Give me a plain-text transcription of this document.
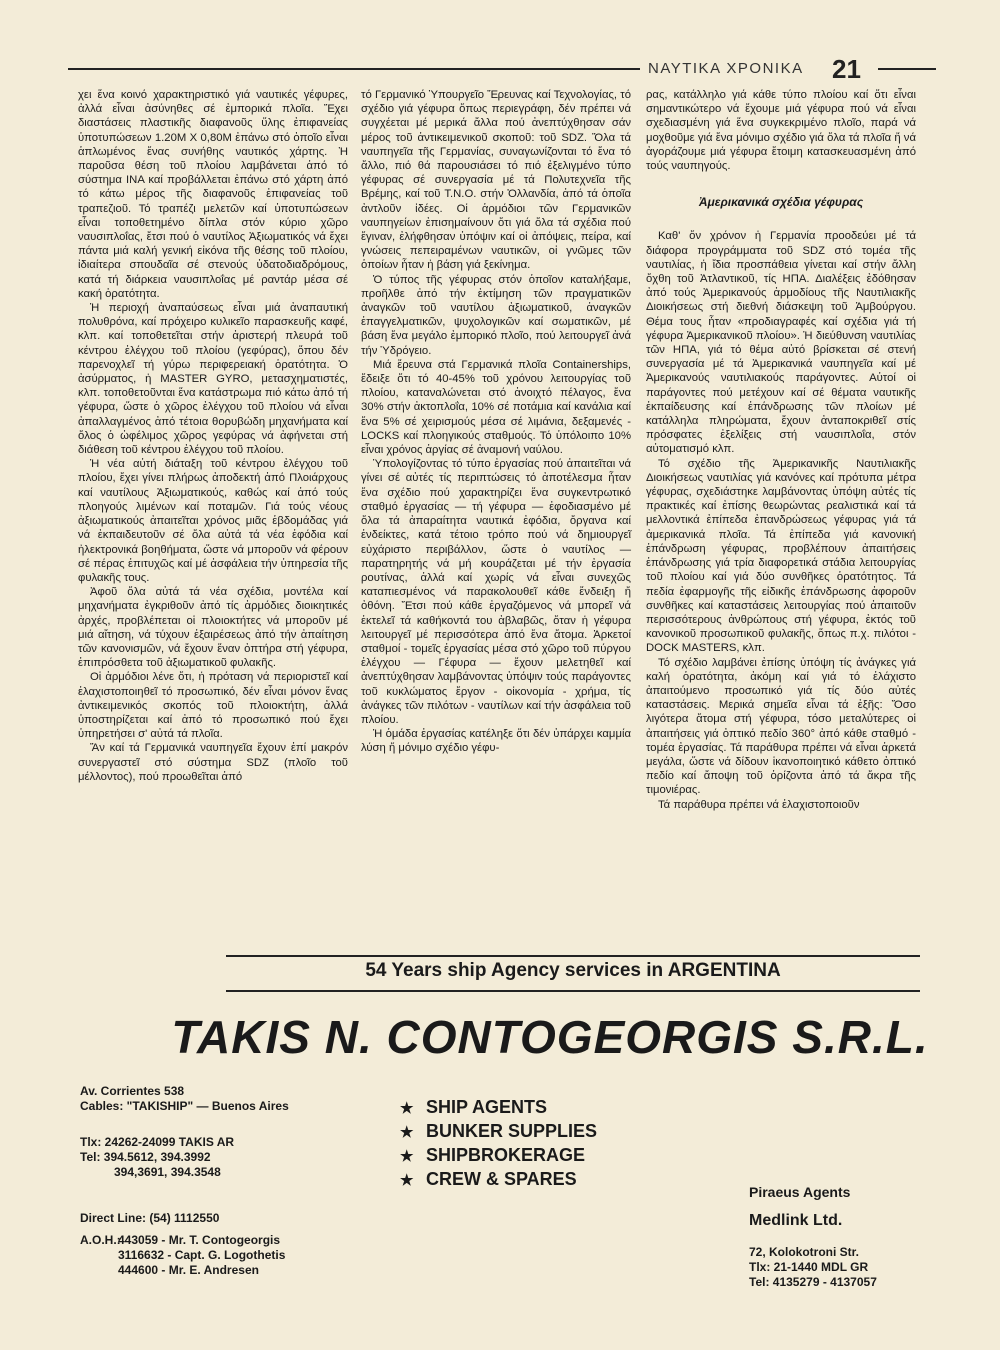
ΝΑΥΤΙΚΑ ΧΡΟΝΙΚΑ 21

χει ἕνα κοινό χαρακτηριστικό γιά ναυτικές γέφυρες, ἀλλά εἶναι ἀσύνηθες σέ ἐμπορικά πλοῖα. Ἔχει διαστάσεις πλαστικῆς διαφανοῦς ὕλης ἐπιφανείας ὑποτυπώσεων 1.20M X 0,80M ἐπάνω στό ὁποῖο εἶναι ἁπλωμένος ἕνας συνήθης ναυτικός χάρτης. Ἡ παροῦσα θέση τοῦ πλοίου λαμβάνεται ἀπό τό σύστημα INA καί προβάλλεται ἐπάνω στό χάρτη ἀπό τό κάτω μέρος τῆς διαφανοῦς ἐπιφανείας τοῦ τραπεζιοῦ. Τό τραπέζι μελετῶν καί ὑποτυπώσεων εἶναι τοποθετημένο δίπλα στόν κύριο χῶρο ναυσιπλοΐας, ἔτσι πού ὁ ναυτίλος Ἀξιωματικός νά ἔχει πάντα μιά καλή γενική εἰκόνα τῆς θέσης τοῦ πλοίου, ἰδιαίτερα σπουδαῖα σέ στενούς ὑδατοδιαδρόμους, κατά τή διάρκεια ναυσιπλοΐας μέ ραντάρ μέσα σέ κακή ὁρατότητα.

Ἡ περιοχή ἀναπαύσεως εἶναι μιά ἀναπαυτική πολυθρόνα, καί πρόχειρο κυλικεῖο παρασκευῆς καφέ, κλπ. καί τοποθετεῖται στήν ἀριστερή πλευρά τοῦ κέντρου ἐλέγχου τοῦ πλοίου (γεφύρας), ὅπου δέν παρενοχλεῖ τή γύρω περιφερειακή ὁρατότητα. Ὁ ἀσύρματος, ἡ MASTER GYRO, μετασχηματιστές, κλπ. τοποθετοῦνται ἕνα κατάστρωμα πιό κάτω ἀπό τή γέφυρα, ὥστε ὁ χῶρος ἐλέγχου τοῦ πλοίου νά εἶναι ἀπαλλαγμένος ἀπό τέτοια θορυβώδη μηχανήματα καί ὅλος ὁ ὠφέλιμος χῶρος γεφύρας νά ἀφήνεται στή διάθεση τοῦ κέντρου ἐλέγχου τοῦ πλοίου.

Ἡ νέα αὐτή διάταξη τοῦ κέντρου ἐλέγχου τοῦ πλοίου, ἔχει γίνει πλήρως ἀποδεκτή ἀπό Πλοιάρχους καί ναυτίλους Ἀξιωματικούς, καθώς καί ἀπό τούς πλοηγούς λιμένων καί ποταμῶν. Γιά τούς νέους ἀξιωματικούς ἀπαιτεῖται χρόνος μιᾶς ἑβδομάδας γιά νά ἐκπαιδευτοῦν σέ ὅλα αὐτά τά νέα ἐφόδια καί ἠλεκτρονικά βοηθήματα, ὥστε νά μποροῦν νά φέρουν σέ πέρας ἐπιτυχῶς καί μέ ἀσφάλεια τήν ὑπηρεσία τῆς φυλακῆς τους.

Ἀφοῦ ὅλα αὐτά τά νέα σχέδια, μοντέλα καί μηχανήματα ἐγκριθοῦν ἀπό τίς ἁρμόδιες διοικητικές ἀρχές, προβλέπεται οἱ πλοιοκτήτες νά μποροῦν μέ μιά αἴτηση, νά τύχουν ἐξαιρέσεως ἀπό τήν ἀπαίτηση τῶν κανονισμῶν, νά ἔχουν ἕναν ὀπτήρα στή γέφυρα, ἐπιπρόσθετα τοῦ ἀξιωματικοῦ φυλακῆς.

Οἱ ἁρμόδιοι λένε ὅτι, ἡ πρόταση νά περιοριστεῖ καί ἐλαχιστοποιηθεῖ τό προσωπικό, δέν εἶναι μόνον ἕνας ἀντικειμενικός σκοπός τοῦ πλοιοκτήτη, ἀλλά ὑποστηρίζεται καί ἀπό τό προσωπικό πού ἔχει ὑπηρετήσει σ' αὐτά τά πλοῖα.

Ἄν καί τά Γερμανικά ναυπηγεῖα ἔχουν ἐπί μακρόν συνεργαστεῖ στό σύστημα SDZ (πλοῖο τοῦ μέλλοντος), πού προωθεῖται ἀπό

τό Γερμανικό Ὑπουργεῖο Ἔρευνας καί Τεχνολογίας, τό σχέδιο γιά γέφυρα ὅπως περιεγράφη, δέν πρέπει νά συγχέεται μέ μερικά ἄλλα πού ἀνεπτύχθησαν σάν μέρος τοῦ ἀντικειμενικοῦ σκοποῦ: τοῦ SDZ. Ὅλα τά ναυπηγεῖα τῆς Γερμανίας, συναγωνίζονται τό ἕνα τό ἄλλο, πιό θά παρουσιάσει τό πιό ἐξελιγμένο τύπο γέφυρας σέ συνεργασία μέ τά Πολυτεχνεῖα τῆς Βρέμης, καί τοῦ T.N.O. στήν Ὁλλανδία, ἀπό τά ὁποῖα ἀντλοῦν ἰδέες. Οἱ ἁρμόδιοι τῶν Γερμανικῶν ναυπηγείων ἐπισημαίνουν ὅτι γιά ὅλα τά σχέδια πού ἔγιναν, ἐλήφθησαν ὑπόψιν καί οἱ ἀπόψεις, πείρα, καί γνώσεις πεπειραμένων ναυτικῶν, οἱ γνῶμες τῶν ὁποίων ἦταν ἡ βάση γιά ξεκίνημα.

Ὁ τύπος τῆς γέφυρας στόν ὁποῖον καταλήξαμε, προῆλθε ἀπό τήν ἐκτίμηση τῶν πραγματικῶν ἀναγκῶν τοῦ ναυτίλου ἀξιωματικοῦ, ἀναγκῶν ἐπαγγελματικῶν, ψυχολογικῶν καί σωματικῶν, μέ βάση ἕνα μεγάλο ἐμπορικό πλοῖο, πού λειτουργεῖ ἀνά τήν Ὑδρόγειο.

Μιά ἔρευνα στά Γερμανικά πλοῖα Containerships, ἔδειξε ὅτι τό 40-45% τοῦ χρόνου λειτουργίας τοῦ πλοίου, καταναλώνεται στό ἀνοιχτό πέλαγος, ἕνα 30% στήν ἀκτοπλοΐα, 10% σέ ποτάμια καί κανάλια καί ἕνα 5% σέ χειρισμούς μέσα σέ λιμάνια, δεξαμενές - LOCKS καί πλοηγικούς σταθμούς. Τό ὑπόλοιπο 10% εἶναι χρόνος ἀργίας σέ ἀναμονή ναύλου.

Ὑπολογίζοντας τό τύπο ἐργασίας πού ἀπαιτεῖται νά γίνει σέ αὐτές τίς περιπτώσεις τό ἀποτέλεσμα ἦταν ἕνα σχέδιο πού χαρακτηρίζει ἕνα συγκεντρωτικό σταθμό ἐργασίας — τή γέφυρα — ἐφοδιασμένο μέ ὅλα τά ἀπαραίτητα ναυτικά ἐφόδια, ὄργανα καί ἐνδείκτες, κατά τέτοιο τρόπο πού νά δημιουργεῖ εὐχάριστο περιβάλλον, ὥστε ὁ ναυτίλος — παρατηρητής νά μή κουράζεται μέ τήν ἐργασία ρουτίνας, ἀλλά καί χωρίς νά εἶναι συνεχῶς καταπιεσμένος νά παρακολουθεῖ κάθε ἔνδειξη ἤ ὀθόνη. Ἔτσι πού κάθε ἐργαζόμενος νά μπορεῖ νά ἐκτελεῖ τά καθήκοντά του ἀβλαβῶς, ὅταν ἡ γέφυρα λειτουργεῖ μέ περισσότερα ἀπό ἕνα ἄτομα. Ἀρκετοί σταθμοί - τομεῖς ἐργασίας μέσα στό χῶρο τοῦ πύργου ἐλέγχου — Γέφυρα — ἔχουν μελετηθεῖ καί ἀνεπτύχθησαν λαμβάνοντας ὑπόψιν τούς παράγοντες τοῦ κυκλώματος ἔργον - οἰκονομία - χρήμα, τίς ἀνάγκες τῶν πιλότων - ναυτίλων καί τήν ἀσφάλεια τοῦ πλοίου.

Ἡ ὁμάδα ἐργασίας κατέληξε ὅτι δέν ὑπάρχει καμμία λύση ἤ μόνιμο σχέδιο γέφυ-

ρας, κατάλληλο γιά κάθε τύπο πλοίου καί ὅτι εἶναι σημαντικώτερο νά ἔχουμε μιά γέφυρα πού νά εἶναι σχεδιασμένη γιά ἕνα συγκεκριμένο πλοῖο, παρά νά μοχθοῦμε γιά ἕνα μόνιμο σχέδιο γιά ὅλα τά πλοῖα ἤ νά ἀγοράζουμε μιά γέφυρα ἕτοιμη κατασκευασμένη ἀπό τούς ναυπηγούς.

Ἀμερικανικά σχέδια γέφυρας

Καθ' ὅν χρόνον ἡ Γερμανία προοδεύει μέ τά διάφορα προγράμματα τοῦ SDZ στό τομέα τῆς ναυτιλίας, ἡ ἴδια προσπάθεια γίνεται καί στήν ἄλλη ὄχθη τοῦ Ἀτλαντικοῦ, τίς ΗΠΑ. Διαλέξεις ἐδόθησαν ἀπό τούς Ἀμερικανούς ἁρμοδίους τῆς Ναυτιλιακῆς Διοικήσεως στή διεθνή διάσκεψη τοῦ Ἀμβούργου. Θέμα τους ἦταν «προδιαγραφές καί σχέδια γιά τή γέφυρα Ἀμερικανικοῦ πλοίου». Ἡ διεύθυνση ναυτιλίας τῶν ΗΠΑ, γιά τό θέμα αὐτό βρίσκεται σέ στενή συνεργασία μέ τά Ἀμερικανικά ναυπηγεῖα καί μέ Ἀμερικανούς ναυτιλιακούς παράγοντες. Αὐτοί οἱ παράγοντες πού μετέχουν καί σέ θέματα ναυτικῆς ἐκπαίδευσης καί ἐπάνδρωσης τῶν πλοίων μέ κατάλληλα πληρώματα, ἔχουν ἀνταποκριθεῖ στίς πρόσφατες ἐξελίξεις στή ναυσιπλοΐα, στόν αὐτοματισμό κλπ.

Τό σχέδιο τῆς Ἀμερικανικῆς Ναυτιλιακῆς Διοικήσεως ναυτιλίας γιά κανόνες καί πρότυπα μέτρα γέφυρας, σχεδιάστηκε λαμβάνοντας ὑπόψη αὐτές τίς πρακτικές καί ἐπίσης θεωρώντας ρεαλιστικά καί τά μελλοντικά ἐπίπεδα ἐπανδρώσεως γέφυρας γιά τά ἀμερικανικά πλοῖα. Τά ἐπίπεδα γιά κανονική ἐπάνδρωση γέφυρας, προβλέπουν ἀπαιτήσεις ἐπάνδρωσης γιά τρία διαφορετικά στάδια λειτουργίας τοῦ πλοίου καί γιά δύο συνθῆκες ὁρατότητος. Τά πεδία ἐφαρμογῆς τῆς εἰδικῆς ἐπάνδρωσης ἀφοροῦν συνθῆκες καί καταστάσεις λειτουργίας πού ἀπαιτοῦν περισσότερους ἀνθρώπους στή γέφυρα, ἐκτός τοῦ κανονικοῦ προσωπικοῦ φυλακῆς, ὅπως π.χ. πιλότοι - DOCK MASTERS, κλπ.

Τό σχέδιο λαμβάνει ἐπίσης ὑπόψη τίς ἀνάγκες γιά καλή ὁρατότητα, ἀκόμη καί γιά τό ἐλάχιστο ἀπαιτούμενο προσωπικό γιά τίς δύο αὐτές καταστάσεις. Μερικά σημεῖα εἶναι τά ἑξῆς: Ὅσο λιγότερα ἄτομα στή γέφυρα, τόσο μεταλύτερες οἱ ἀπαιτήσεις γιά ὀπτικό πεδίο 360° ἀπό κάθε σταθμό - τομέα ἐργασίας. Τά παράθυρα πρέπει νά εἶναι ἀρκετά μεγάλα, ὥστε νά δίδουν ἱκανοποιητικό κάθετο ὀπτικό πεδίο καί ἄποψη τοῦ ὁρίζοντα ἀπό τά ἄκρα τῆς τιμονιέρας.

Τά παράθυρα πρέπει νά ἐλαχιστοποιοῦν

54 Years ship Agency services in ARGENTINA
TAKIS N. CONTOGEORGIS S.R.L.
Av. Corrientes 538
Cables: "TAKISHIP" — Buenos Aires
Tlx: 24262-24099 TAKIS AR
Tel: 394.5612, 394.3992
394,3691, 394.3548
Direct Line: (54) 1112550
A.O.H.:
443059 - Mr. T. Contogeorgis
3116632 - Capt. G. Logothetis
444600 - Mr. E. Andresen
★ SHIP AGENTS
★ BUNKER SUPPLIES
★ SHIPBROKERAGE
★ CREW & SPARES
Piraeus Agents
Medlink Ltd.
72, Kolokotroni Str.
Tlx: 21-1440 MDL GR
Tel: 4135279 - 4137057
